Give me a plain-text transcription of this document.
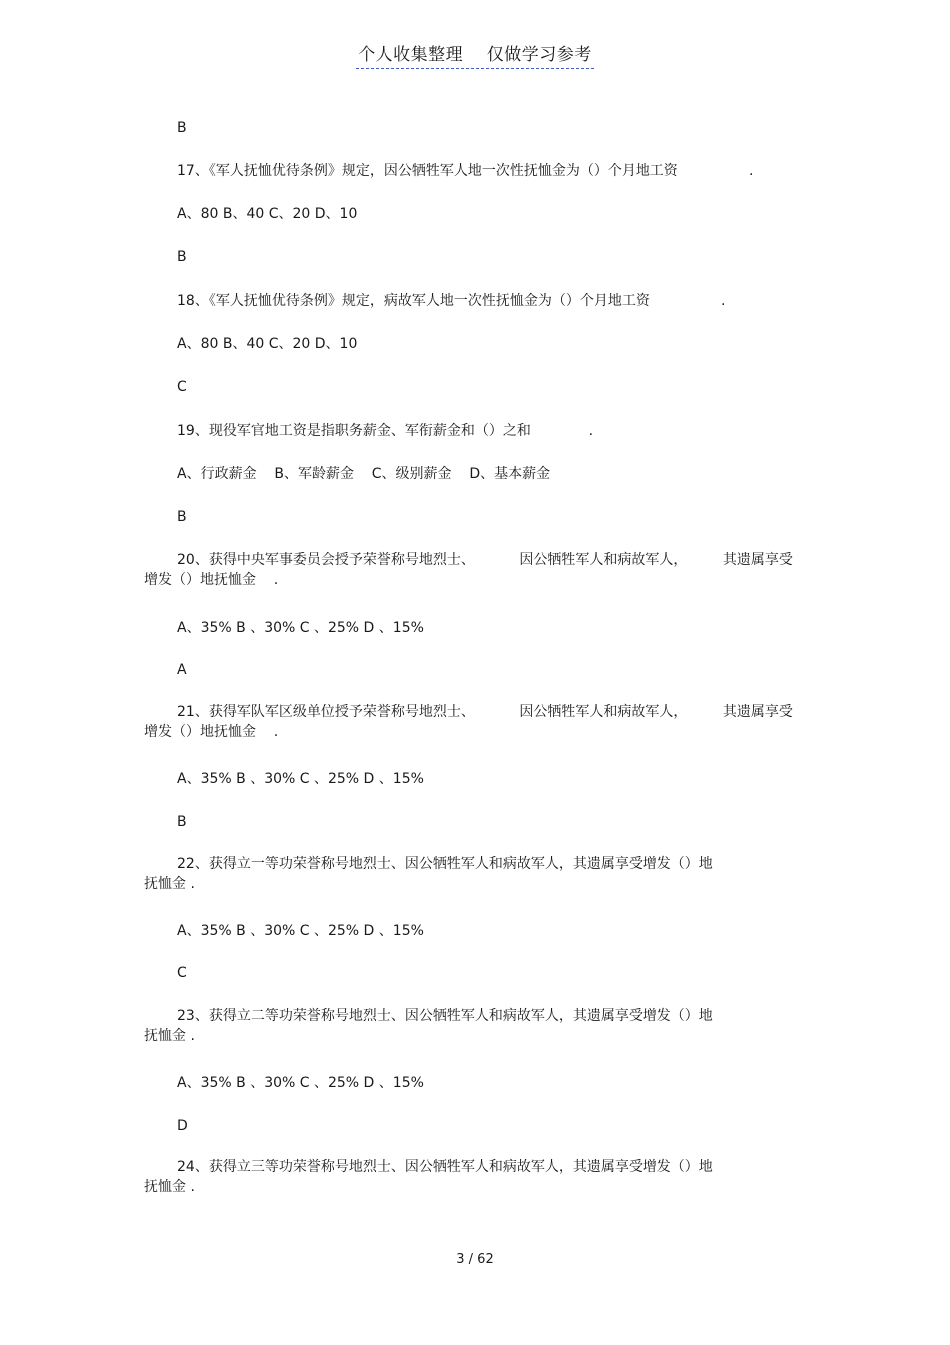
个人收集整理    仅做学习参考
B
17、《军人抚恤优待条例》规定，因公牺牲军人地一次性抚恤金为（）个月地工资                .
A、80 B、40 C、20 D、10
B
18、《军人抚恤优待条例》规定，病故军人地一次性抚恤金为（）个月地工资                .
A、80 B、40 C、20 D、10
C
19、现役军官地工资是指职务薪金、军衔薪金和（）之和             .
A、行政薪金    B、军龄薪金    C、级别薪金    D、基本薪金
B
20、获得中央军事委员会授予荣誉称号地烈士、          因公牺牲军人和病故军人，        其遗属享受
增发（）地抚恤金    .
A、35% B 、30% C 、25% D 、15%
A
21、获得军队军区级单位授予荣誉称号地烈士、          因公牺牲军人和病故军人，        其遗属享受
增发（）地抚恤金    .
A、35% B 、30% C 、25% D 、15%
B
22、获得立一等功荣誉称号地烈士、因公牺牲军人和病故军人，其遗属享受增发（）地
抚恤金 .
A、35% B 、30% C 、25% D 、15%
C
23、获得立二等功荣誉称号地烈士、因公牺牲军人和病故军人，其遗属享受增发（）地
抚恤金 .
A、35% B 、30% C 、25% D 、15%
D
24、获得立三等功荣誉称号地烈士、因公牺牲军人和病故军人，其遗属享受增发（）地
抚恤金 .
3 / 62
